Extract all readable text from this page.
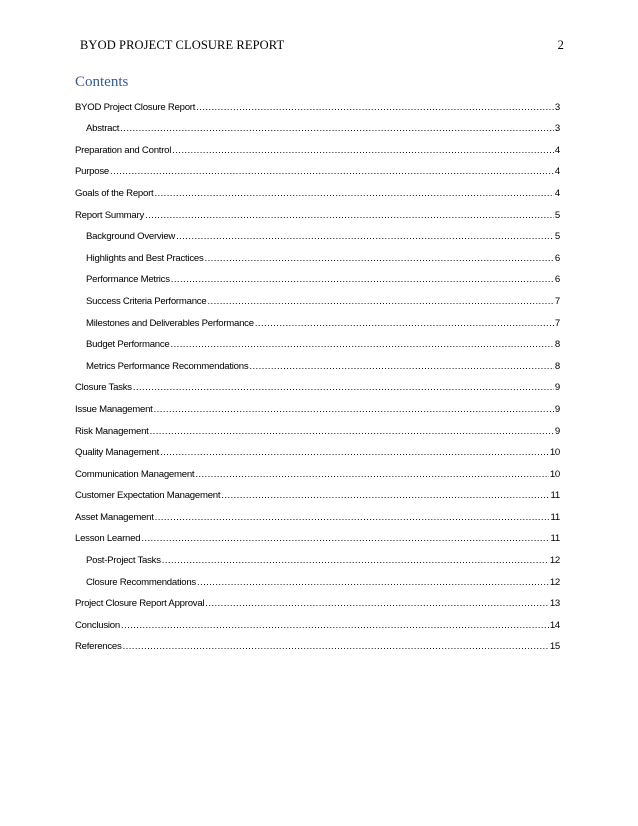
BYOD PROJECT CLOSURE REPORT	2
Contents
BYOD Project Closure Report .....	3
Abstract .....	3
Preparation and Control .....	4
Purpose .....	4
Goals of the Report .....	4
Report Summary .....	5
Background Overview .....	5
Highlights and Best Practices .....	6
Performance Metrics .....	6
Success Criteria Performance .....	7
Milestones and Deliverables Performance .....	7
Budget Performance .....	8
Metrics Performance Recommendations .....	8
Closure Tasks .....	9
Issue Management .....	9
Risk Management .....	9
Quality Management .....	10
Communication Management .....	10
Customer Expectation Management .....	11
Asset Management .....	11
Lesson Learned .....	11
Post-Project Tasks .....	12
Closure Recommendations .....	12
Project Closure Report Approval .....	13
Conclusion .....	14
References .....	15
